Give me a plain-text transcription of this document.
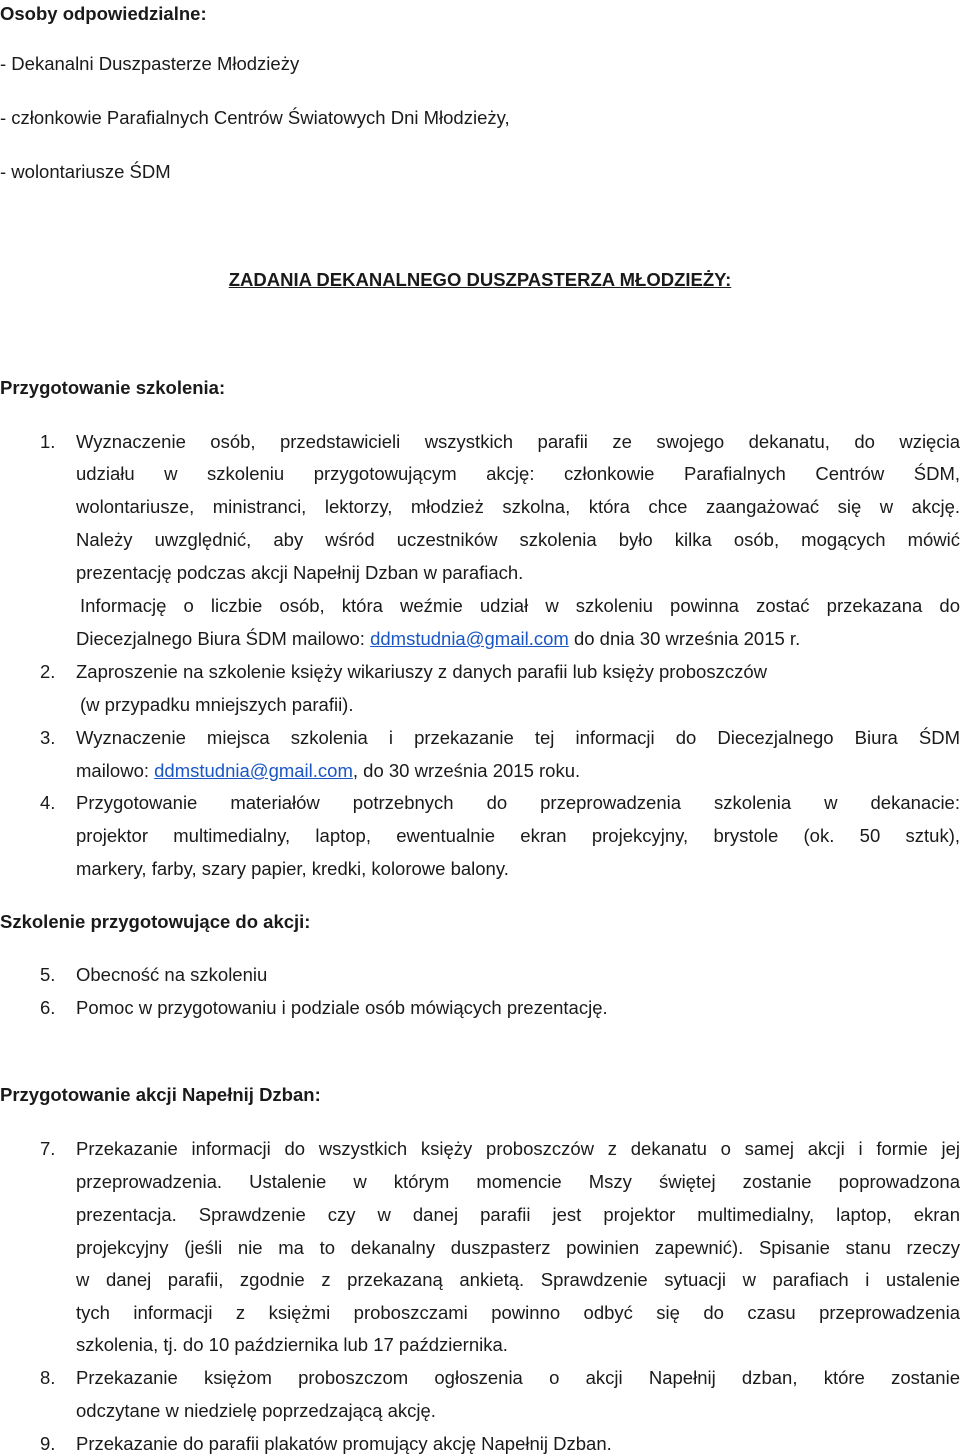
Osoby odpowiedzialne:
- Dekanalni Duszpasterze Młodzieży
- członkowie Parafialnych Centrów Światowych Dni Młodzieży,
- wolontariusze ŚDM
ZADANIA DEKANALNEGO DUSZPASTERZA MŁODZIEŻY:
Przygotowanie szkolenia:
1. Wyznaczenie osób, przedstawicieli wszystkich parafii ze swojego dekanatu, do wzięcia
udziału w szkoleniu przygotowującym akcję: członkowie Parafialnych Centrów ŚDM,
wolontariusze, ministranci, lektorzy, młodzież szkolna, która chce zaangażować się w akcję.
Należy uwzględnić, aby wśród uczestników szkolenia było kilka osób, mogących mówić
prezentację podczas akcji Napełnij Dzban w parafiach.
Informację o liczbie osób, która weźmie udział w szkoleniu powinna zostać przekazana do
Diecezjalnego Biura ŚDM mailowo: ddmstudnia@gmail.com do dnia 30 września 2015 r.
2. Zaproszenie na szkolenie księży wikariuszy z danych parafii lub księży proboszczów
(w przypadku mniejszych parafii).
3. Wyznaczenie miejsca szkolenia i przekazanie tej informacji do Diecezjalnego Biura ŚDM
mailowo: ddmstudnia@gmail.com, do 30 września 2015 roku.
4. Przygotowanie materiałów potrzebnych do przeprowadzenia szkolenia w dekanacie:
projektor multimedialny, laptop, ewentualnie ekran projekcyjny, brystole (ok. 50 sztuk),
markery, farby, szary papier, kredki, kolorowe balony.
Szkolenie przygotowujące do akcji:
5. Obecność na szkoleniu
6. Pomoc w przygotowaniu i podziale osób mówiących prezentację.
Przygotowanie akcji Napełnij Dzban:
7. Przekazanie informacji do wszystkich księży proboszczów z dekanatu o samej akcji i formie jej
przeprowadzenia. Ustalenie w którym momencie Mszy świętej zostanie poprowadzona
prezentacja. Sprawdzenie czy w danej parafii jest projektor multimedialny, laptop, ekran
projekcyjny (jeśli nie ma to dekanalny duszpasterz powinien zapewnić). Spisanie stanu rzeczy
w danej parafii, zgodnie z przekazaną ankietą. Sprawdzenie sytuacji w parafiach i ustalenie
tych informacji z księżmi proboszczami powinno odbyć się do czasu przeprowadzenia
szkolenia, tj. do 10 października lub 17 października.
8. Przekazanie księżom proboszczom ogłoszenia o akcji Napełnij dzban, które zostanie
odczytane w niedzielę poprzedzającą akcję.
9. Przekazanie do parafii plakatów promujący akcję Napełnij Dzban.
